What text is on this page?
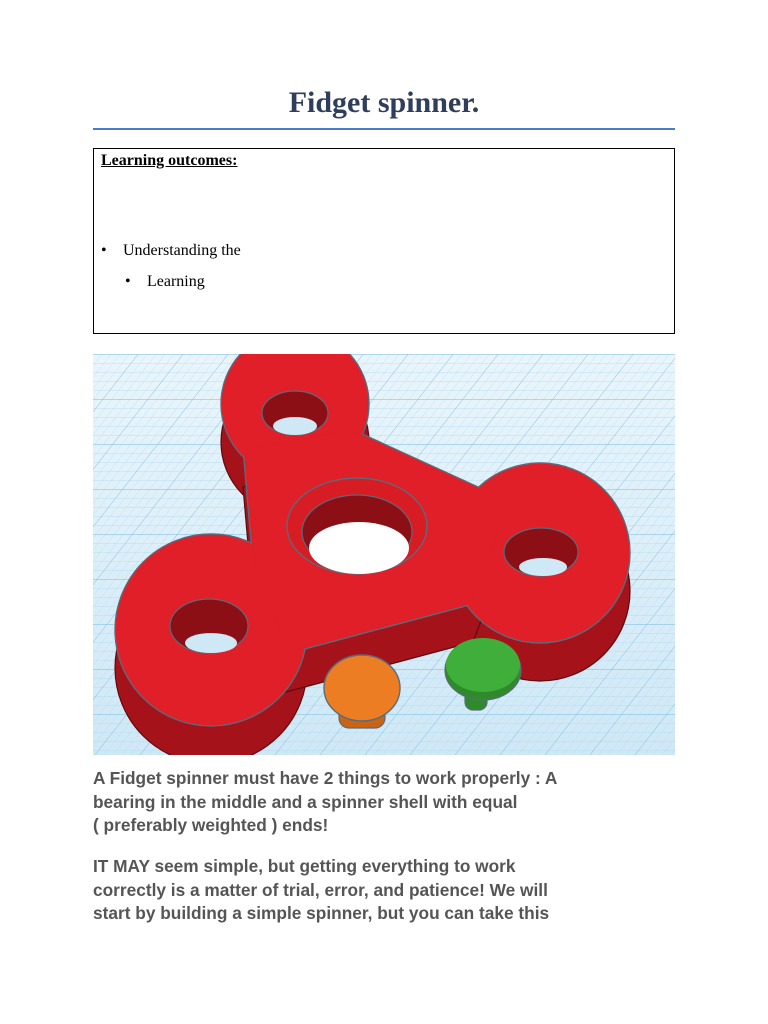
Fidget spinner.
Learning outcomes:
• Understanding the
• Learning
A Fidget spinner must have 2 things to work properly : A
bearing in the middle and a spinner shell with equal
( preferably weighted ) ends!
IT MAY seem simple, but getting everything to work
correctly is a matter of trial, error, and patience! We will
start by building a simple spinner, but you can take this
